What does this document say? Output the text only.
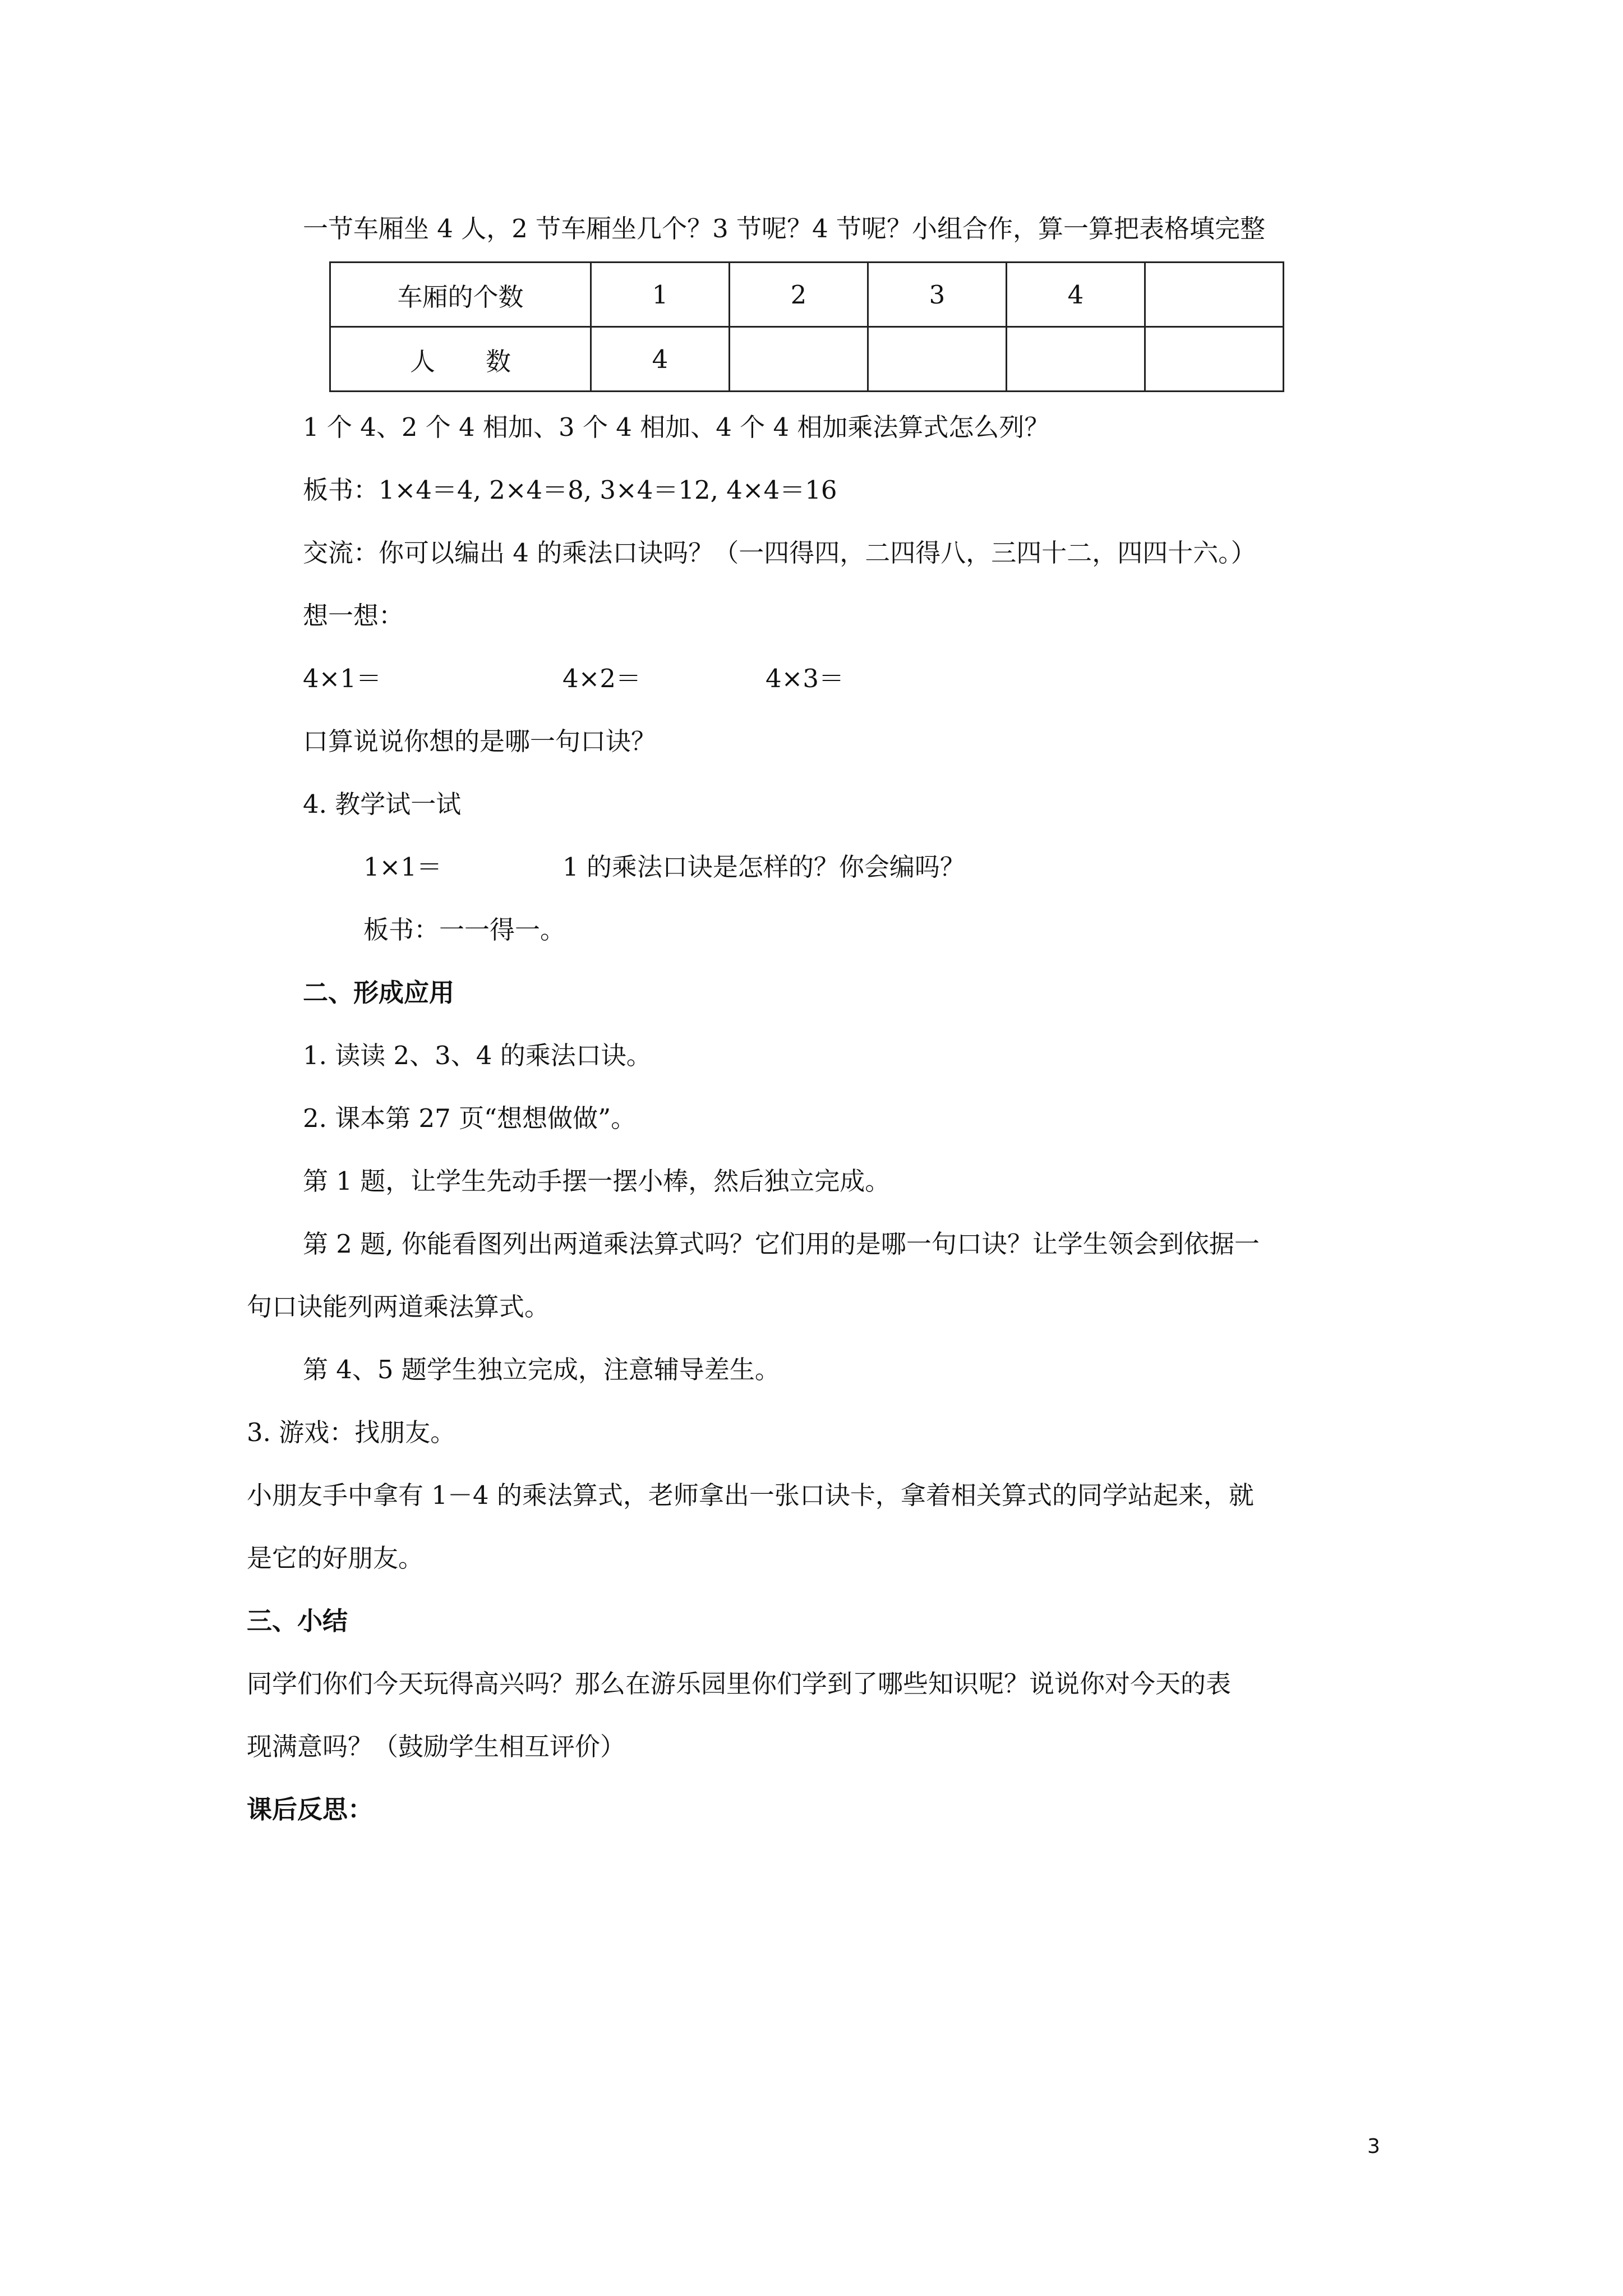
一节车厢坐 4 人，2 节车厢坐几个？3 节呢？4 节呢？小组合作，算一算把表格填完整
车厢的个数	1	2	3	4	
人　　数	4				
1 个 4、2 个 4 相加、3 个 4 相加、4 个 4 相加乘法算式怎么列？
板书：1×4＝4, 2×4＝8, 3×4＝12, 4×4＝16
交流：你可以编出 4 的乘法口诀吗？（一四得四，二四得八，三四十二，四四十六。）
想一想：
4×1＝	4×2＝	4×3＝
口算说说你想的是哪一句口诀？
4. 教学试一试
1×1＝	1 的乘法口诀是怎样的？你会编吗？
板书：一一得一。
二、形成应用
1. 读读 2、3、4 的乘法口诀。
2. 课本第 27 页“想想做做”。
第 1 题，让学生先动手摆一摆小棒，然后独立完成。
第 2 题, 你能看图列出两道乘法算式吗？它们用的是哪一句口诀？让学生领会到依据一
句口诀能列两道乘法算式。
第 4、5 题学生独立完成，注意辅导差生。
3. 游戏：找朋友。
小朋友手中拿有 1－4 的乘法算式，老师拿出一张口诀卡，拿着相关算式的同学站起来，就
是它的好朋友。
三、小结
同学们你们今天玩得高兴吗？那么在游乐园里你们学到了哪些知识呢？说说你对今天的表
现满意吗？（鼓励学生相互评价）
课后反思：
3
